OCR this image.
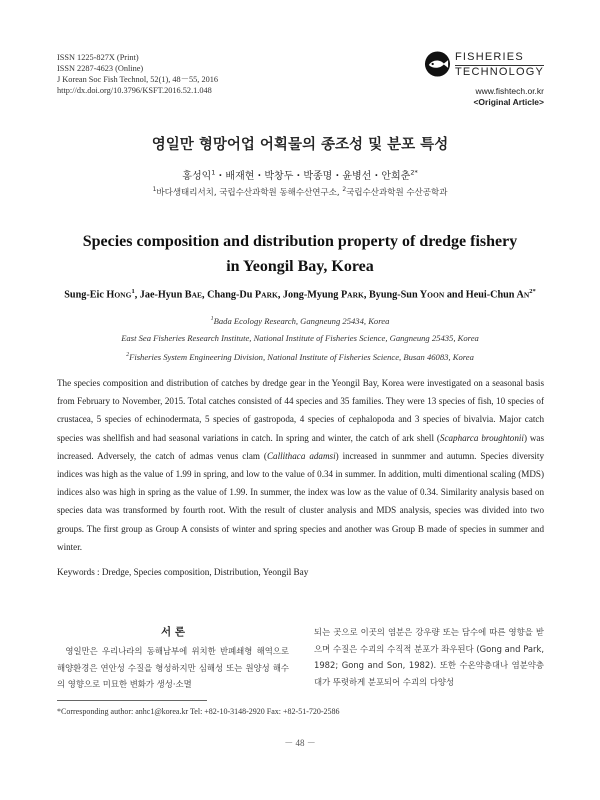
ISSN 1225-827X (Print)
ISSN 2287-4623 (Online)
J Korean Soc Fish Technol, 52(1), 48－55, 2016
http://dx.doi.org/10.3796/KSFT.2016.52.1.048
FISHERIES
TECHNOLOGY
www.fishtech.or.kr
<Original Article>
영일만 형망어업 어획물의 종조성 및 분포 특성
홍성익$^1$・배재현・박창두・박종명・윤병선・안희춘$^{2*}$
$^1$바다생태리서치, 국립수산과학원 동해수산연구소, $^2$국립수산과학원 수산공학과
Species composition and distribution property of dredge fishery
in Yeongil Bay, Korea
Sung-Eic HONG$^1$, Jae-Hyun BAE, Chang-Du PARK, Jong-Myung PARK, Byung-Sun YOON and Heui-Chun $AN^{2*}$
$^1$Bada Ecology Research, Gangneung 25434, Korea
East Sea Fisheries Research Institute, National Institute of Fisheries Science, Gangneung 25435, Korea
$^2$Fisheries System Engineering Division, National Institute of Fisheries Science, Busan 46083, Korea
The species composition and distribution of catches by dredge gear in the Yeongil Bay, Korea were investigated on a seasonal basis from February to November, 2015. Total catches consisted of 44 species and 35 families. They were 13 species of fish, 10 species of crustacea, 5 species of echinodermata, 5 species of gastropoda, 4 species of cephalopoda and 3 species of bivalvia. Major catch species was shellfish and had seasonal variations in catch. In spring and winter, the catch of ark shell (Scapharca broughtonii) was increased. Adversely, the catch of admas venus clam (Callithaca adamsi) increased in sunmmer and autumn. Species diversity indices was high as the value of 1.99 in spring, and low to the value of 0.34 in summer. In addition, multi dimentional scaling (MDS) indices also was high in spring as the value of 1.99. In summer, the index was low as the value of 0.34. Similarity analysis based on species data was transformed by fourth root. With the result of cluster analysis and MDS analysis, species was divided into two groups. The first group as Group A consists of winter and spring species and another was Group B made of species in summer and winter.
Keywords : Dredge, Species composition, Distribution, Yeongil Bay
서 론
영일만은 우리나라의 동해남부에 위치한 반폐쇄형 해역으로 해양환경은 연안성 수질을 형성하지만 심해성 또는 원양성 해수의 영향으로 미묘한 변화가 생성·소멸
되는 곳으로 이곳의 염분은 강우량 또는 담수에 따른 영향을 받으며 수질은 수괴의 수직적 분포가 좌우된다 (Gong and Park, 1982; Gong and Son, 1982). 또한 수온약층대나 염분약층대가 뚜렷하게 분포되어 수괴의 다양성
*Corresponding author: anhc1@korea.kr Tel: +82-10-3148-2920 Fax: +82-51-720-2586
－ 48 －
